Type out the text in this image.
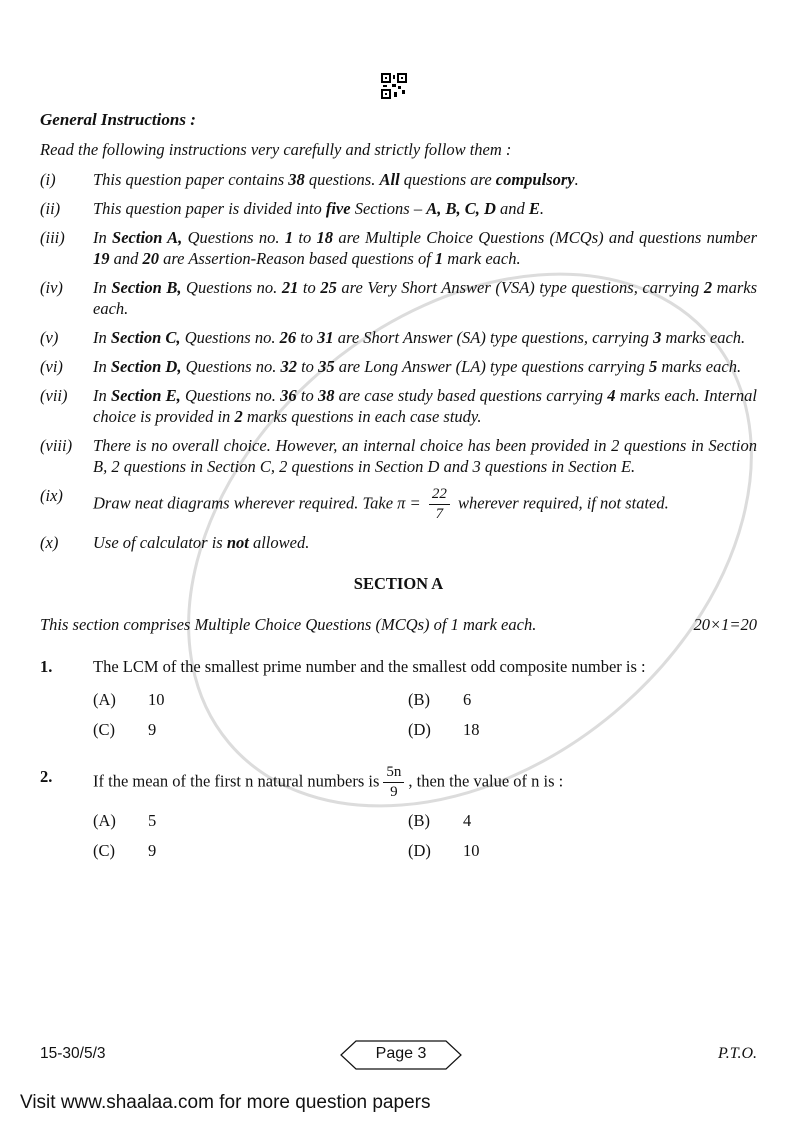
General Instructions :
Read the following instructions very carefully and strictly follow them :
(i) This question paper contains 38 questions. All questions are compulsory.
(ii) This question paper is divided into five Sections – A, B, C, D and E.
(iii) In Section A, Questions no. 1 to 18 are Multiple Choice Questions (MCQs) and questions number 19 and 20 are Assertion-Reason based questions of 1 mark each.
(iv) In Section B, Questions no. 21 to 25 are Very Short Answer (VSA) type questions, carrying 2 marks each.
(v) In Section C, Questions no. 26 to 31 are Short Answer (SA) type questions, carrying 3 marks each.
(vi) In Section D, Questions no. 32 to 35 are Long Answer (LA) type questions carrying 5 marks each.
(vii) In Section E, Questions no. 36 to 38 are case study based questions carrying 4 marks each. Internal choice is provided in 2 marks questions in each case study.
(viii) There is no overall choice. However, an internal choice has been provided in 2 questions in Section B, 2 questions in Section C, 2 questions in Section D and 3 questions in Section E.
(ix) Draw neat diagrams wherever required. Take $\pi = \frac{22}{7}$ wherever required, if not stated.
(x) Use of calculator is not allowed.
SECTION A
This section comprises Multiple Choice Questions (MCQs) of 1 mark each.	20×1=20
1. The LCM of the smallest prime number and the smallest odd composite number is :
(A) 10	(B) 6
(C) 9	(D) 18
2. If the mean of the first n natural numbers is $\frac{5n}{9}$ , then the value of n is :
(A) 5	(B) 4
(C) 9	(D) 10
15-30/5/3	Page 3	P.T.O.
Visit www.shaalaa.com for more question papers
